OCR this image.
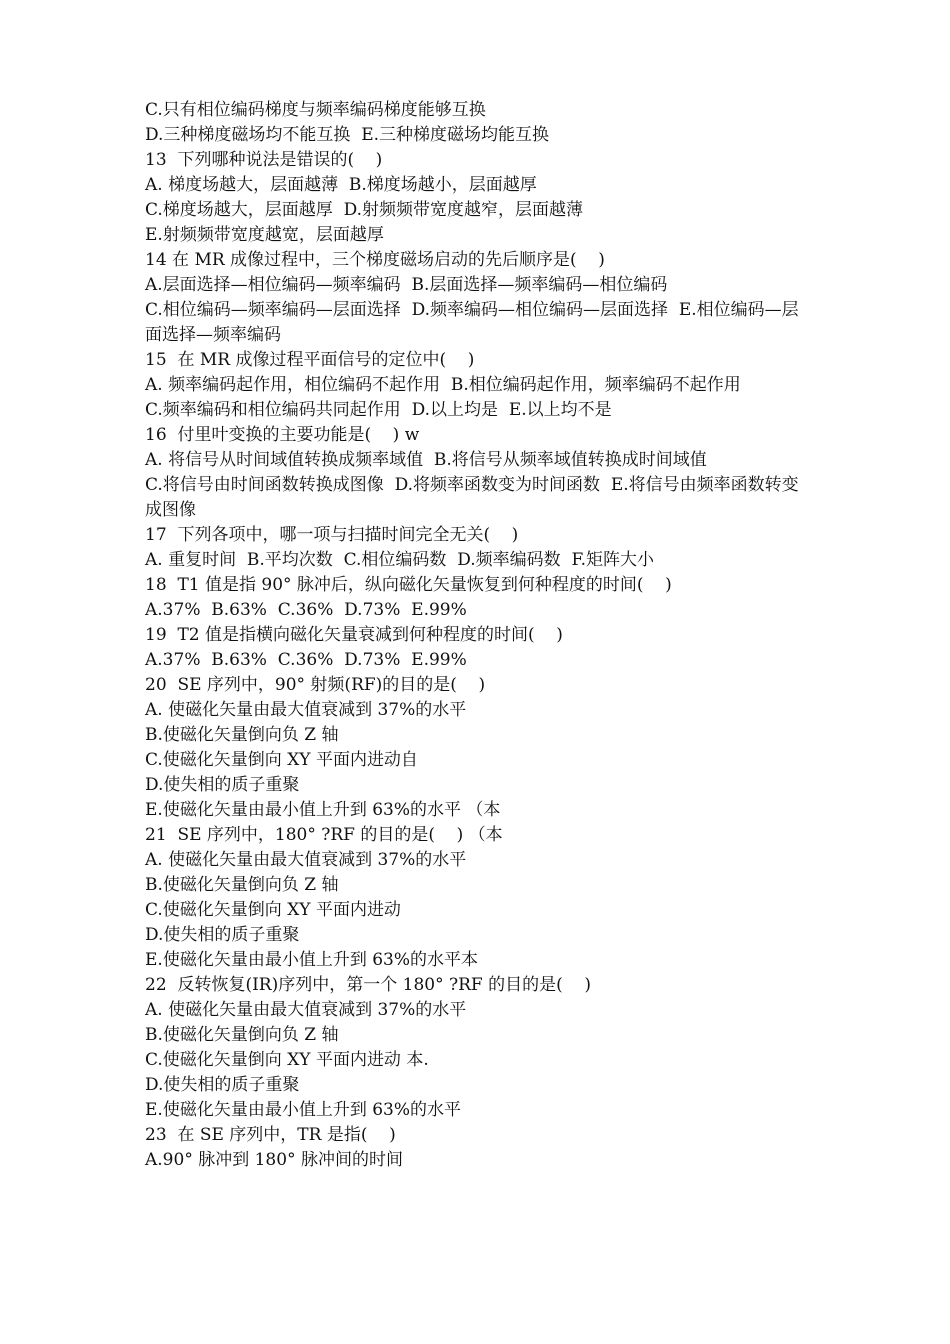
C.只有相位编码梯度与频率编码梯度能够互换
D.三种梯度磁场均不能互换  E.三种梯度磁场均能互换
13  下列哪种说法是错误的(    )
A. 梯度场越大，层面越薄  B.梯度场越小，层面越厚
C.梯度场越大，层面越厚  D.射频频带宽度越窄，层面越薄
E.射频频带宽度越宽，层面越厚
14 在 MR 成像过程中，三个梯度磁场启动的先后顺序是(    )
A.层面选择—相位编码—频率编码  B.层面选择—频率编码—相位编码
C.相位编码—频率编码—层面选择  D.频率编码—相位编码—层面选择  E.相位编码—层面选择—频率编码
15  在 MR 成像过程平面信号的定位中(    )
A. 频率编码起作用，相位编码不起作用  B.相位编码起作用，频率编码不起作用
C.频率编码和相位编码共同起作用  D.以上均是  E.以上均不是
16  付里叶变换的主要功能是(    ) w
A. 将信号从时间域值转换成频率域值  B.将信号从频率域值转换成时间域值
C.将信号由时间函数转换成图像  D.将频率函数变为时间函数  E.将信号由频率函数转变成图像
17  下列各项中，哪一项与扫描时间完全无关(    )
A. 重复时间  B.平均次数  C.相位编码数  D.频率编码数  F.矩阵大小
18  T1 值是指 90° 脉冲后，纵向磁化矢量恢复到何种程度的时间(    )
A.37%  B.63%  C.36%  D.73%  E.99%
19  T2 值是指横向磁化矢量衰减到何种程度的时间(    )
A.37%  B.63%  C.36%  D.73%  E.99%
20  SE 序列中，90° 射频(RF)的目的是(    )
A. 使磁化矢量由最大值衰减到 37%的水平
B.使磁化矢量倒向负 Z 轴
C.使磁化矢量倒向 XY 平面内进动自
D.使失相的质子重聚
E.使磁化矢量由最小值上升到 63%的水平 （本
21  SE 序列中，180° ?RF 的目的是(    ) （本
A. 使磁化矢量由最大值衰减到 37%的水平
B.使磁化矢量倒向负 Z 轴
C.使磁化矢量倒向 XY 平面内进动
D.使失相的质子重聚
E.使磁化矢量由最小值上升到 63%的水平本
22  反转恢复(IR)序列中，第一个 180° ?RF 的目的是(    )
A. 使磁化矢量由最大值衰减到 37%的水平
B.使磁化矢量倒向负 Z 轴
C.使磁化矢量倒向 XY 平面内进动 本.
D.使失相的质子重聚
E.使磁化矢量由最小值上升到 63%的水平
23  在 SE 序列中，TR 是指(    )
A.90° 脉冲到 180° 脉冲间的时间
